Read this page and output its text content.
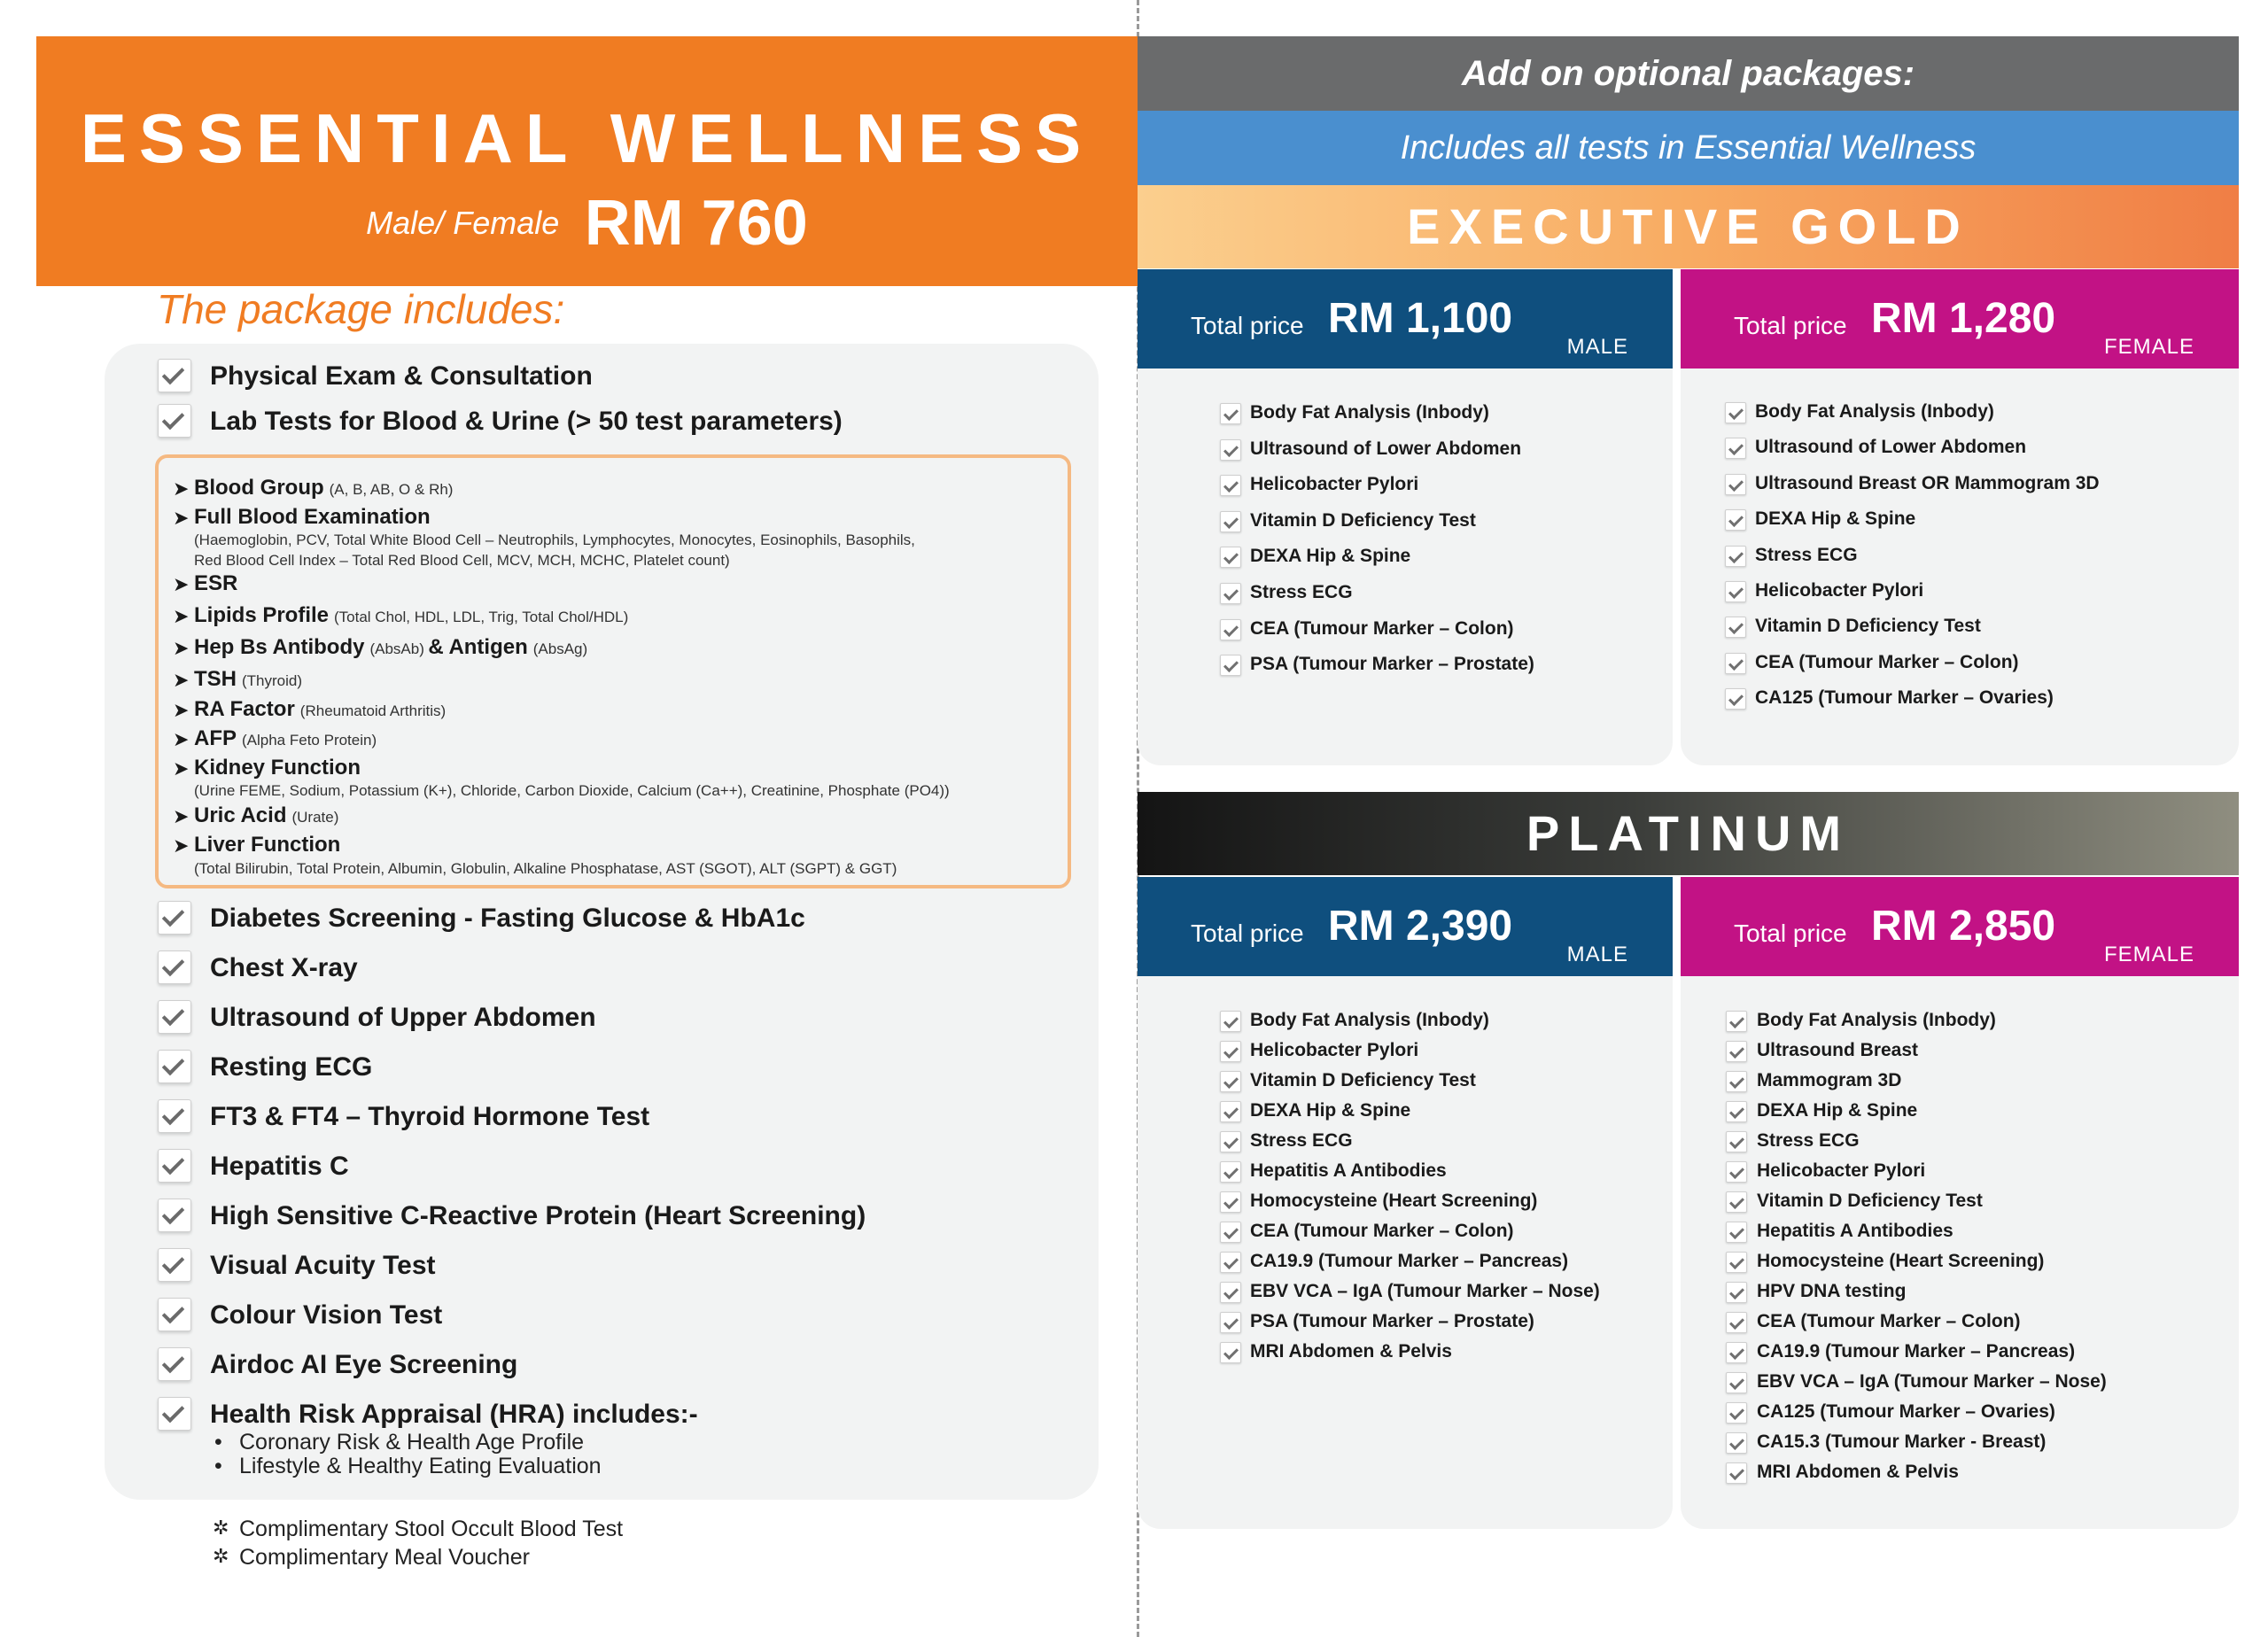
ESSENTIAL WELLNESS
Male/ Female RM 760
The package includes:
Physical Exam & Consultation
Lab Tests for Blood & Urine (> 50 test parameters)
➤ Blood Group (A, B, AB, O & Rh)
➤ Full Blood Examination
(Haemoglobin, PCV, Total White Blood Cell – Neutrophils, Lymphocytes, Monocytes, Eosinophils, Basophils,
Red Blood Cell Index – Total Red Blood Cell, MCV, MCH, MCHC, Platelet count)
➤ ESR
➤ Lipids Profile (Total Chol, HDL, LDL, Trig, Total Chol/HDL)
➤ Hep Bs Antibody (AbsAb) & Antigen (AbsAg)
➤ TSH (Thyroid)
➤ RA Factor (Rheumatoid Arthritis)
➤ AFP (Alpha Feto Protein)
➤ Kidney Function
(Urine FEME, Sodium, Potassium (K+), Chloride, Carbon Dioxide, Calcium (Ca++), Creatinine, Phosphate (PO4))
➤ Uric Acid (Urate)
➤ Liver Function
(Total Bilirubin, Total Protein, Albumin, Globulin, Alkaline Phosphatase, AST (SGOT), ALT (SGPT) & GGT)
Diabetes Screening - Fasting Glucose & HbA1c
Chest X-ray
Ultrasound of Upper Abdomen
Resting ECG
FT3 & FT4 – Thyroid Hormone Test
Hepatitis C
High Sensitive C-Reactive Protein (Heart Screening)
Visual Acuity Test
Colour Vision Test
Airdoc AI Eye Screening
Health Risk Appraisal (HRA) includes:-
• Coronary Risk & Health Age Profile
• Lifestyle & Healthy Eating Evaluation
✲ Complimentary Stool Occult Blood Test
✲ Complimentary Meal Voucher
Add on optional packages:
Includes all tests in Essential Wellness
EXECUTIVE GOLD
Total price RM 1,100
MALE
Total price RM 1,280
FEMALE
PLATINUM
Total price RM 2,390
MALE
Total price RM 2,850
FEMALE
Body Fat Analysis (Inbody)
Ultrasound of Lower Abdomen
Helicobacter Pylori
Vitamin D Deficiency Test
DEXA Hip & Spine
Stress ECG
CEA (Tumour Marker – Colon)
PSA (Tumour Marker – Prostate)
Body Fat Analysis (Inbody)
Ultrasound of Lower Abdomen
Ultrasound Breast OR Mammogram 3D
DEXA Hip & Spine
Stress ECG
Helicobacter Pylori
Vitamin D Deficiency Test
CEA (Tumour Marker – Colon)
CA125 (Tumour Marker – Ovaries)
Body Fat Analysis (Inbody)
Helicobacter Pylori
Vitamin D Deficiency Test
DEXA Hip & Spine
Stress ECG
Hepatitis A Antibodies
Homocysteine (Heart Screening)
CEA (Tumour Marker – Colon)
CA19.9 (Tumour Marker – Pancreas)
EBV VCA – IgA (Tumour Marker – Nose)
PSA (Tumour Marker – Prostate)
MRI Abdomen & Pelvis
Body Fat Analysis (Inbody)
Ultrasound Breast
Mammogram 3D
DEXA Hip & Spine
Stress ECG
Helicobacter Pylori
Vitamin D Deficiency Test
Hepatitis A Antibodies
Homocysteine (Heart Screening)
HPV DNA testing
CEA (Tumour Marker – Colon)
CA19.9 (Tumour Marker – Pancreas)
EBV VCA – IgA (Tumour Marker – Nose)
CA125 (Tumour Marker – Ovaries)
CA15.3 (Tumour Marker - Breast)
MRI Abdomen & Pelvis
